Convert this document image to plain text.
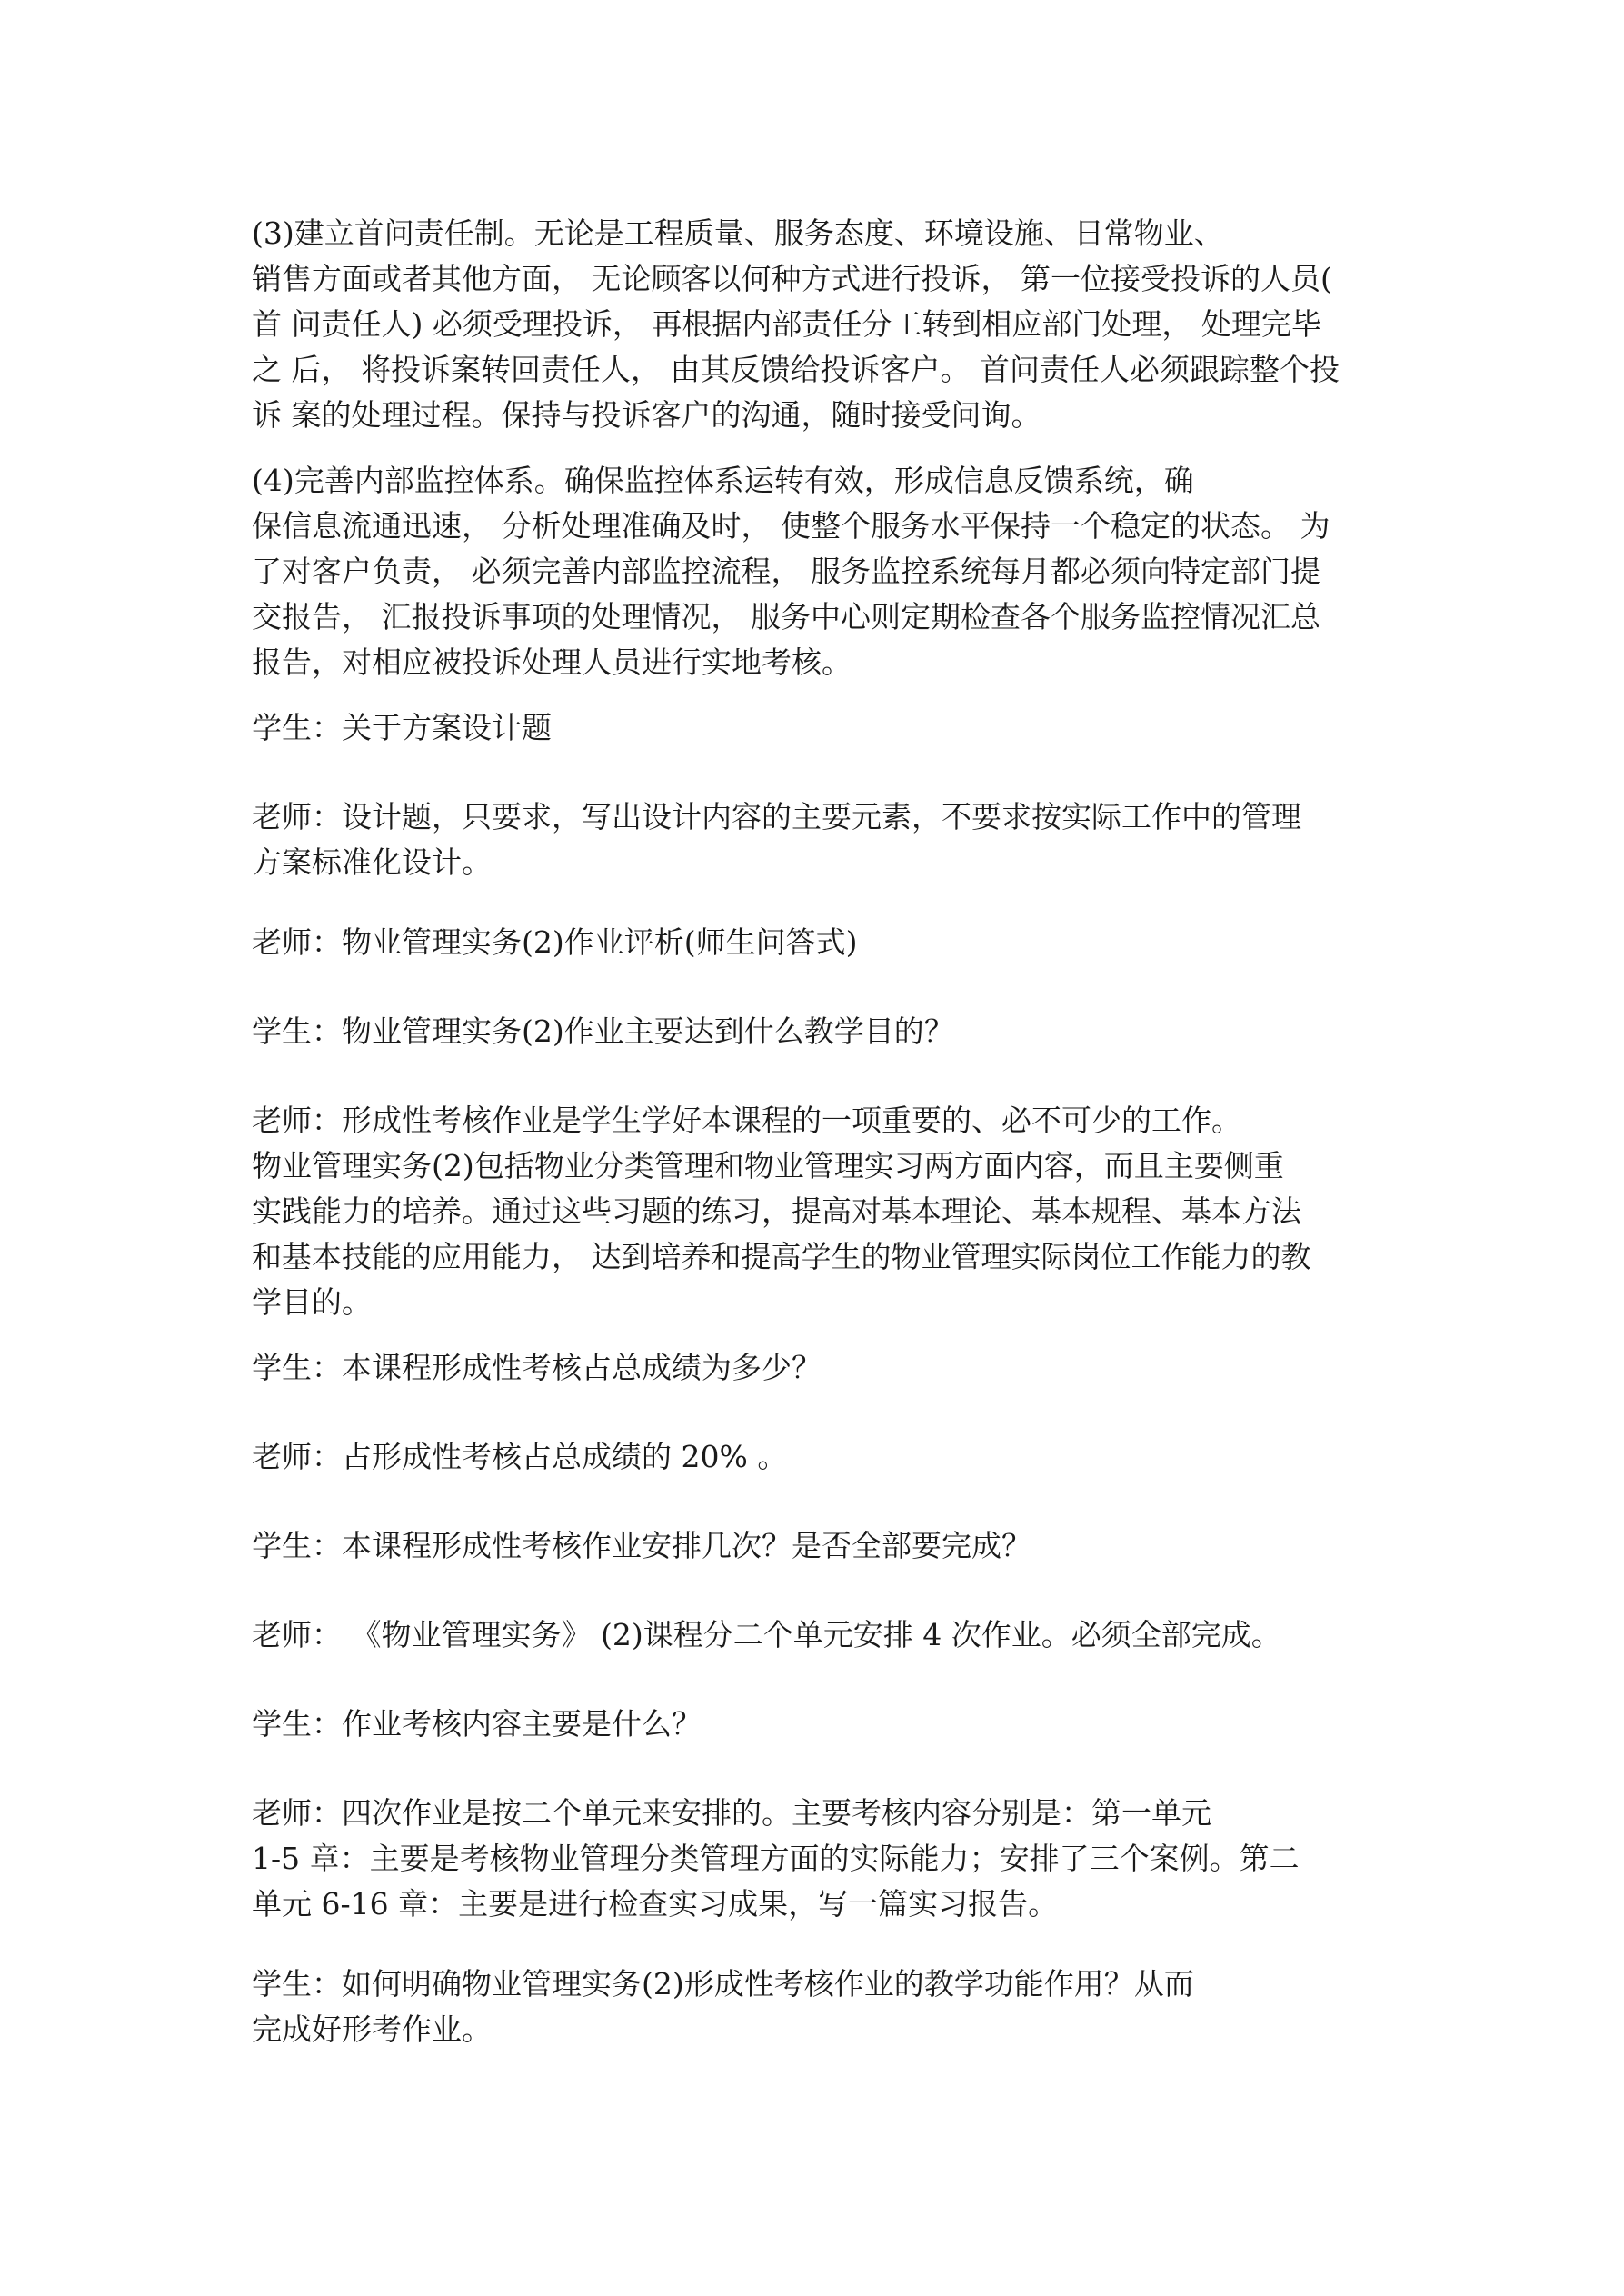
(3)建立首问责任制。无论是工程质量、服务态度、环境设施、日常物业、
销售方面或者其他方面， 无论顾客以何种方式进行投诉， 第一位接受投诉的人员(
首 问责任人) 必须受理投诉， 再根据内部责任分工转到相应部门处理， 处理完毕
之 后， 将投诉案转回责任人， 由其反馈给投诉客户。 首问责任人必须跟踪整个投
诉 案的处理过程。保持与投诉客户的沟通，随时接受问询。

(4)完善内部监控体系。确保监控体系运转有效，形成信息反馈系统，确
保信息流通迅速， 分析处理准确及时， 使整个服务水平保持一个稳定的状态。 为
了对客户负责， 必须完善内部监控流程， 服务监控系统每月都必须向特定部门提
交报告， 汇报投诉事项的处理情况， 服务中心则定期检查各个服务监控情况汇总
报告，对相应被投诉处理人员进行实地考核。

学生：关于方案设计题

老师：设计题，只要求，写出设计内容的主要元素，不要求按实际工作中的管理
方案标准化设计。

老师：物业管理实务(2)作业评析(师生问答式)

学生：物业管理实务(2)作业主要达到什么教学目的？

老师：形成性考核作业是学生学好本课程的一项重要的、必不可少的工作。
物业管理实务(2)包括物业分类管理和物业管理实习两方面内容，而且主要侧重
实践能力的培养。通过这些习题的练习，提高对基本理论、基本规程、基本方法
和基本技能的应用能力， 达到培养和提高学生的物业管理实际岗位工作能力的教
学目的。

学生：本课程形成性考核占总成绩为多少？

老师：占形成性考核占总成绩的 20% 。

学生：本课程形成性考核作业安排几次？是否全部要完成？

老师： 《物业管理实务》 (2)课程分二个单元安排 4 次作业。必须全部完成。

学生：作业考核内容主要是什么？

老师：四次作业是按二个单元来安排的。主要考核内容分别是：第一单元
1-5 章：主要是考核物业管理分类管理方面的实际能力；安排了三个案例。第二
单元 6-16 章：主要是进行检查实习成果，写一篇实习报告。

学生：如何明确物业管理实务(2)形成性考核作业的教学功能作用？从而
完成好形考作业。
